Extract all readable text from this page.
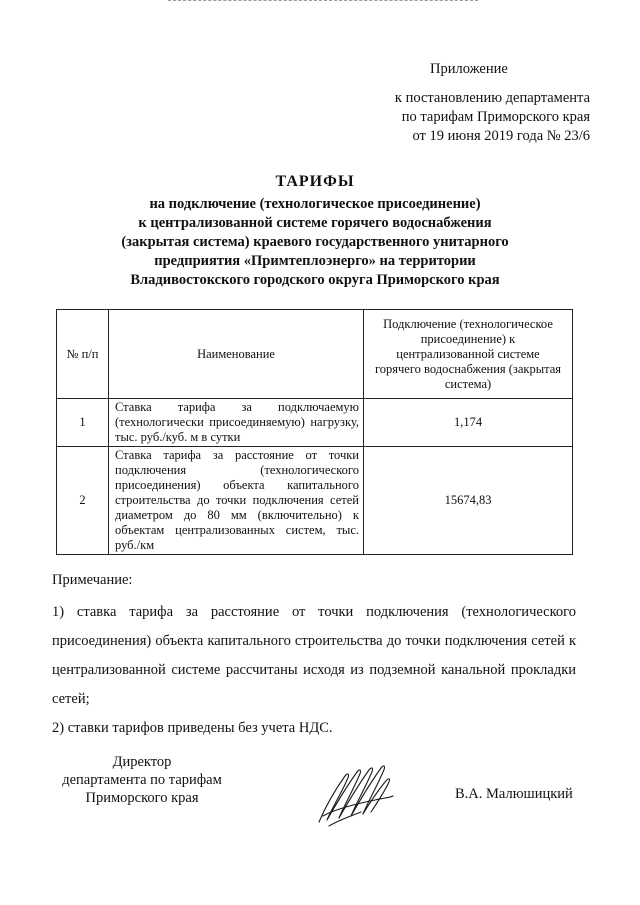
Приложение
к постановлению департамента
по тарифам Приморского края
от 19 июня 2019 года № 23/6
ТАРИФЫ
на подключение (технологическое присоединение)
к централизованной системе горячего водоснабжения
(закрытая система) краевого государственного унитарного
предприятия «Примтеплоэнерго» на территории
Владивостокского городского округа Приморского края
№ п/п	Наименование	Подключение (технологическое присоединение) к централизованной системе горячего водоснабжения (закрытая система)
1	Ставка тарифа за подключаемую (технологически присоединяемую) нагрузку, тыс. руб./куб. м в сутки	1,174
2	Ставка тарифа за расстояние от точки подключения (технологического присоединения) объекта капитального строительства до точки подключения сетей диаметром до 80 мм (включительно) к объектам централизованных систем, тыс. руб./км	15674,83

Примечание:

1) ставка тарифа за расстояние от точки подключения (технологического присоединения) объекта капитального строительства до точки подключения сетей к централизованной системе рассчитаны исходя из подземной канальной прокладки сетей;

2) ставки тарифов приведены без учета НДС.

Директор
департамента по тарифам
Приморского края	В.А. Малюшицкий
